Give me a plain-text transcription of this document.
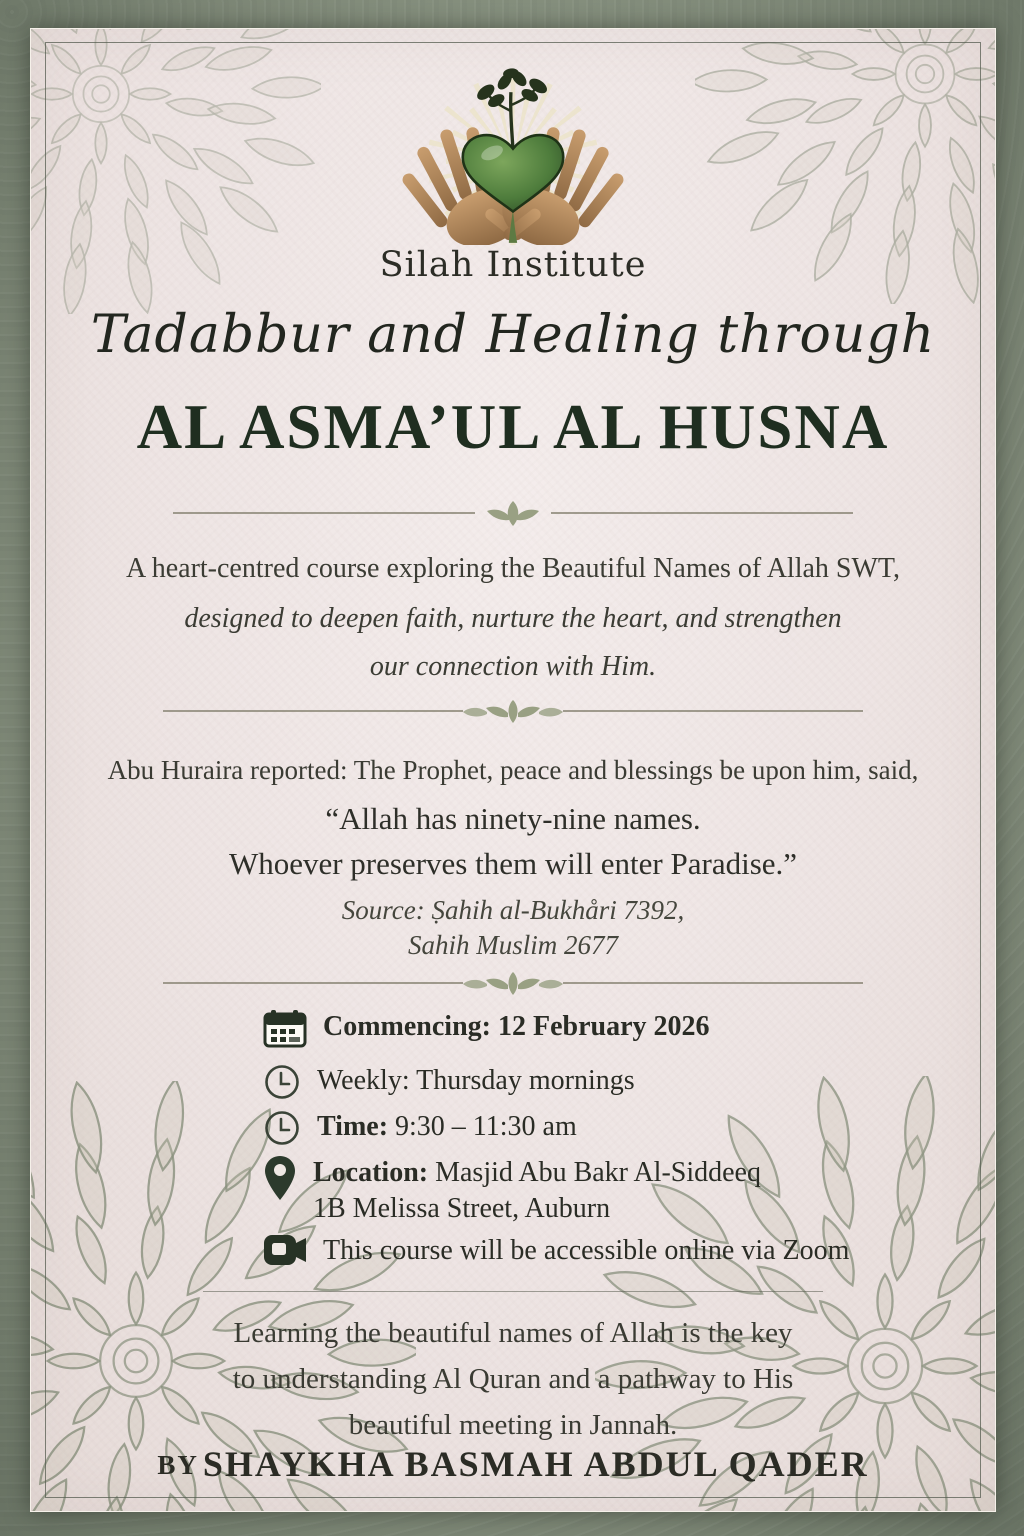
Silah Institute
Tadabbur and Healing through
AL ASMA’UL AL HUSNA
A heart-centred course exploring the Beautiful Names of Allah SWT,
designed to deepen faith, nurture the heart, and strengthen
our connection with Him.
Abu Huraira reported: The Prophet, peace and blessings be upon him, said,
“Allah has ninety-nine names.
Whoever preserves them will enter Paradise.”
Source: Ṣahih al-Bukhåri 7392,
Sahih Muslim 2677
Commencing: 12 February 2026
Weekly: Thursday mornings
Time: 9:30 – 11:30 am
Location: Masjid Abu Bakr Al-Siddeeq
1B Melissa Street, Auburn
This course will be accessible online via Zoom
Learning the beautiful names of Allah is the key
to understanding Al Quran and a pathway to His
beautiful meeting in Jannah.
BY SHAYKHA BASMAH ABDUL QADER
